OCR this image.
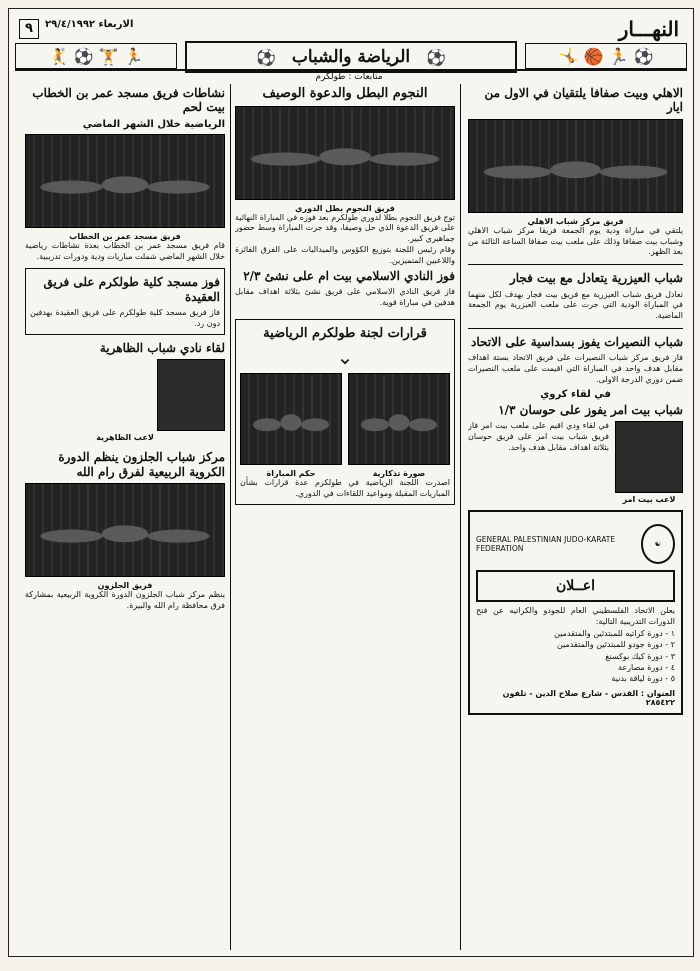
٩	الاربعاء ٢٩/٤/١٩٩٢	النهـــار
⚽ 🏃 🏀 🤸
⚽
الرياضة والشباب
⚽
🏃 🏋 ⚽ 🤾
متابعات : طولكرم
الاهلي وبيت صفافا يلتقيان في الاول من ايار
فريق مركز شباب الاهلي
يلتقي في مباراة ودية يوم الجمعة فريقا مركز شباب الاهلي وشباب بيت صفافا وذلك على ملعب بيت صفافا الساعة الثالثة من بعد الظهر.
شباب العيزرية يتعادل مع بيت فجار
تعادل فريق شباب العيزرية مع فريق بيت فجار بهدف لكل منهما في المباراة الودية التي جرت على ملعب العيزرية يوم الجمعة الماضية.
شباب النصيرات يفوز بسداسية على الاتحاد
فاز فريق مركز شباب النصيرات على فريق الاتحاد بستة اهداف مقابل هدف واحد في المباراة التي اقيمت على ملعب النصيرات ضمن دوري الدرجة الاولى.
في لقاء كروي
شباب بيت امر يفوز على حوسان ١/٣
لاعب بيت امر
في لقاء ودي اقيم على ملعب بيت امر فاز فريق شباب بيت امر على فريق حوسان بثلاثة اهداف مقابل هدف واحد.
☯
GENERAL PALESTINIAN JUDO-KARATE FEDERATION
اعــلان
يعلن الاتحاد الفلسطيني العام للجودو والكراتيه عن فتح الدورات التدريبية التالية:
١ - دورة كراتيه للمبتدئين والمتقدمين
٢ - دورة جودو للمبتدئين والمتقدمين
٣ - دورة كيك بوكسنغ
٤ - دورة مصارعة
٥ - دورة لياقة بدنية
العنوان : القدس - شارع صلاح الدين - تلفون ٢٨٥٤٢٢
النجوم البطل والدعوة الوصيف
فريق النجوم بطل الدوري
توج فريق النجوم بطلا لدوري طولكرم بعد فوزه في المباراة النهائية على فريق الدعوة الذي حل وصيفا، وقد جرت المباراة وسط حضور جماهيري كبير.
وقام رئيس اللجنة بتوزيع الكؤوس والميداليات على الفرق الفائزة واللاعبين المتميزين.
فوز النادي الاسلامي بيت ام على نشئ ٢/٣
فاز فريق النادي الاسلامي على فريق نشئ بثلاثة اهداف مقابل هدفين في مباراة قوية.
قرارات لجنة طولكرم الرياضية
⌄
صورة تذكارية
حكم المباراة
اصدرت اللجنة الرياضية في طولكرم عدة قرارات بشأن المباريات المقبلة ومواعيد اللقاءات في الدوري.
نشاطات فريق مسجد عمر بن الخطاب بيت لحم
الرياضية خلال الشهر الماضي
فريق مسجد عمر بن الخطاب
قام فريق مسجد عمر بن الخطاب بعدة نشاطات رياضية خلال الشهر الماضي شملت مباريات ودية ودورات تدريبية.
فوز مسجد كلية طولكرم على فريق العقيدة
فاز فريق مسجد كلية طولكرم على فريق العقيدة بهدفين دون رد.
لقاء نادي شباب الظاهرية
لاعب الظاهرية
مركز شباب الجلزون ينظم الدورة الكروية الربيعية لفرق رام الله
فريق الجلزون
ينظم مركز شباب الجلزون الدورة الكروية الربيعية بمشاركة فرق محافظة رام الله والبيرة.
